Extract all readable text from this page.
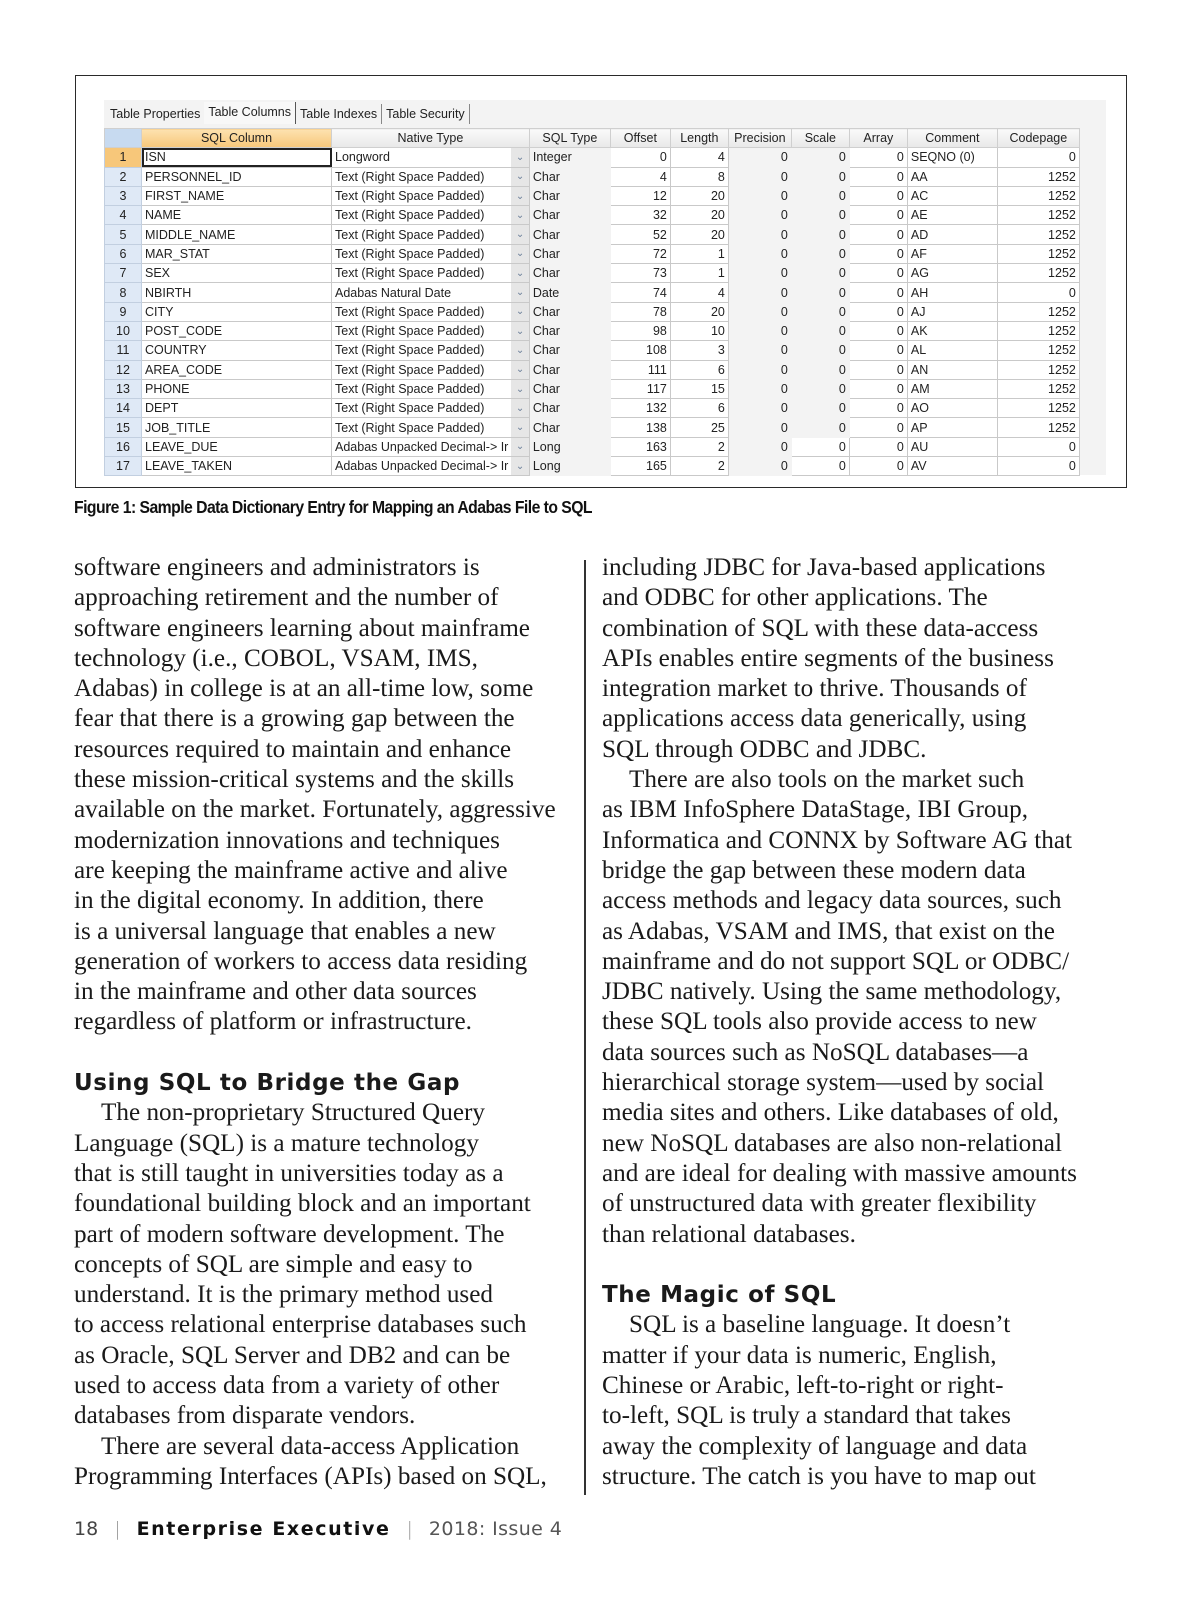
Table Properties Table Columns Table Indexes Table Security
	SQL Column	Native Type		SQL Type	Offset	Length	Precision	Scale	Array	Comment	Codepage
1	ISN	Longword	⌄	Integer	0	4	0	0	0	SEQNO (0)	0
2	PERSONNEL_ID	Text (Right Space Padded)	⌄	Char	4	8	0	0	0	AA	1252
3	FIRST_NAME	Text (Right Space Padded)	⌄	Char	12	20	0	0	0	AC	1252
4	NAME	Text (Right Space Padded)	⌄	Char	32	20	0	0	0	AE	1252
5	MIDDLE_NAME	Text (Right Space Padded)	⌄	Char	52	20	0	0	0	AD	1252
6	MAR_STAT	Text (Right Space Padded)	⌄	Char	72	1	0	0	0	AF	1252
7	SEX	Text (Right Space Padded)	⌄	Char	73	1	0	0	0	AG	1252
8	NBIRTH	Adabas Natural Date	⌄	Date	74	4	0	0	0	AH	0
9	CITY	Text (Right Space Padded)	⌄	Char	78	20	0	0	0	AJ	1252
10	POST_CODE	Text (Right Space Padded)	⌄	Char	98	10	0	0	0	AK	1252
11	COUNTRY	Text (Right Space Padded)	⌄	Char	108	3	0	0	0	AL	1252
12	AREA_CODE	Text (Right Space Padded)	⌄	Char	111	6	0	0	0	AN	1252
13	PHONE	Text (Right Space Padded)	⌄	Char	117	15	0	0	0	AM	1252
14	DEPT	Text (Right Space Padded)	⌄	Char	132	6	0	0	0	AO	1252
15	JOB_TITLE	Text (Right Space Padded)	⌄	Char	138	25	0	0	0	AP	1252
16	LEAVE_DUE	Adabas Unpacked Decimal-> Ir	⌄	Long	163	2	0	0	0	AU	0
17	LEAVE_TAKEN	Adabas Unpacked Decimal-> Ir	⌄	Long	165	2	0	0	0	AV	0
Figure 1: Sample Data Dictionary Entry for Mapping an Adabas File to SQL
software engineers and administrators is
approaching retirement and the number of
software engineers learning about mainframe
technology (i.e., COBOL, VSAM, IMS,
Adabas) in college is at an all-time low, some
fear that there is a growing gap between the
resources required to maintain and enhance
these mission-critical systems and the skills
available on the market. Fortunately, aggressive
modernization innovations and techniques
are keeping the mainframe active and alive
in the digital economy. In addition, there
is a universal language that enables a new
generation of workers to access data residing
in the mainframe and other data sources
regardless of platform or infrastructure.
Using SQL to Bridge the Gap
The non-proprietary Structured Query
Language (SQL) is a mature technology
that is still taught in universities today as a
foundational building block and an important
part of modern software development. The
concepts of SQL are simple and easy to
understand. It is the primary method used
to access relational enterprise databases such
as Oracle, SQL Server and DB2 and can be
used to access data from a variety of other
databases from disparate vendors.
There are several data-access Application
Programming Interfaces (APIs) based on SQL,
including JDBC for Java-based applications
and ODBC for other applications. The
combination of SQL with these data-access
APIs enables entire segments of the business
integration market to thrive. Thousands of
applications access data generically, using
SQL through ODBC and JDBC.
There are also tools on the market such
as IBM InfoSphere DataStage, IBI Group,
Informatica and CONNX by Software AG that
bridge the gap between these modern data
access methods and legacy data sources, such
as Adabas, VSAM and IMS, that exist on the
mainframe and do not support SQL or ODBC/
JDBC natively. Using the same methodology,
these SQL tools also provide access to new
data sources such as NoSQL databases—a
hierarchical storage system—used by social
media sites and others. Like databases of old,
new NoSQL databases are also non-relational
and are ideal for dealing with massive amounts
of unstructured data with greater flexibility
than relational databases.
The Magic of SQL
SQL is a baseline language. It doesn’t
matter if your data is numeric, English,
Chinese or Arabic, left-to-right or right-
to-left, SQL is truly a standard that takes
away the complexity of language and data
structure. The catch is you have to map out
18 | Enterprise Executive | 2018: Issue 4
